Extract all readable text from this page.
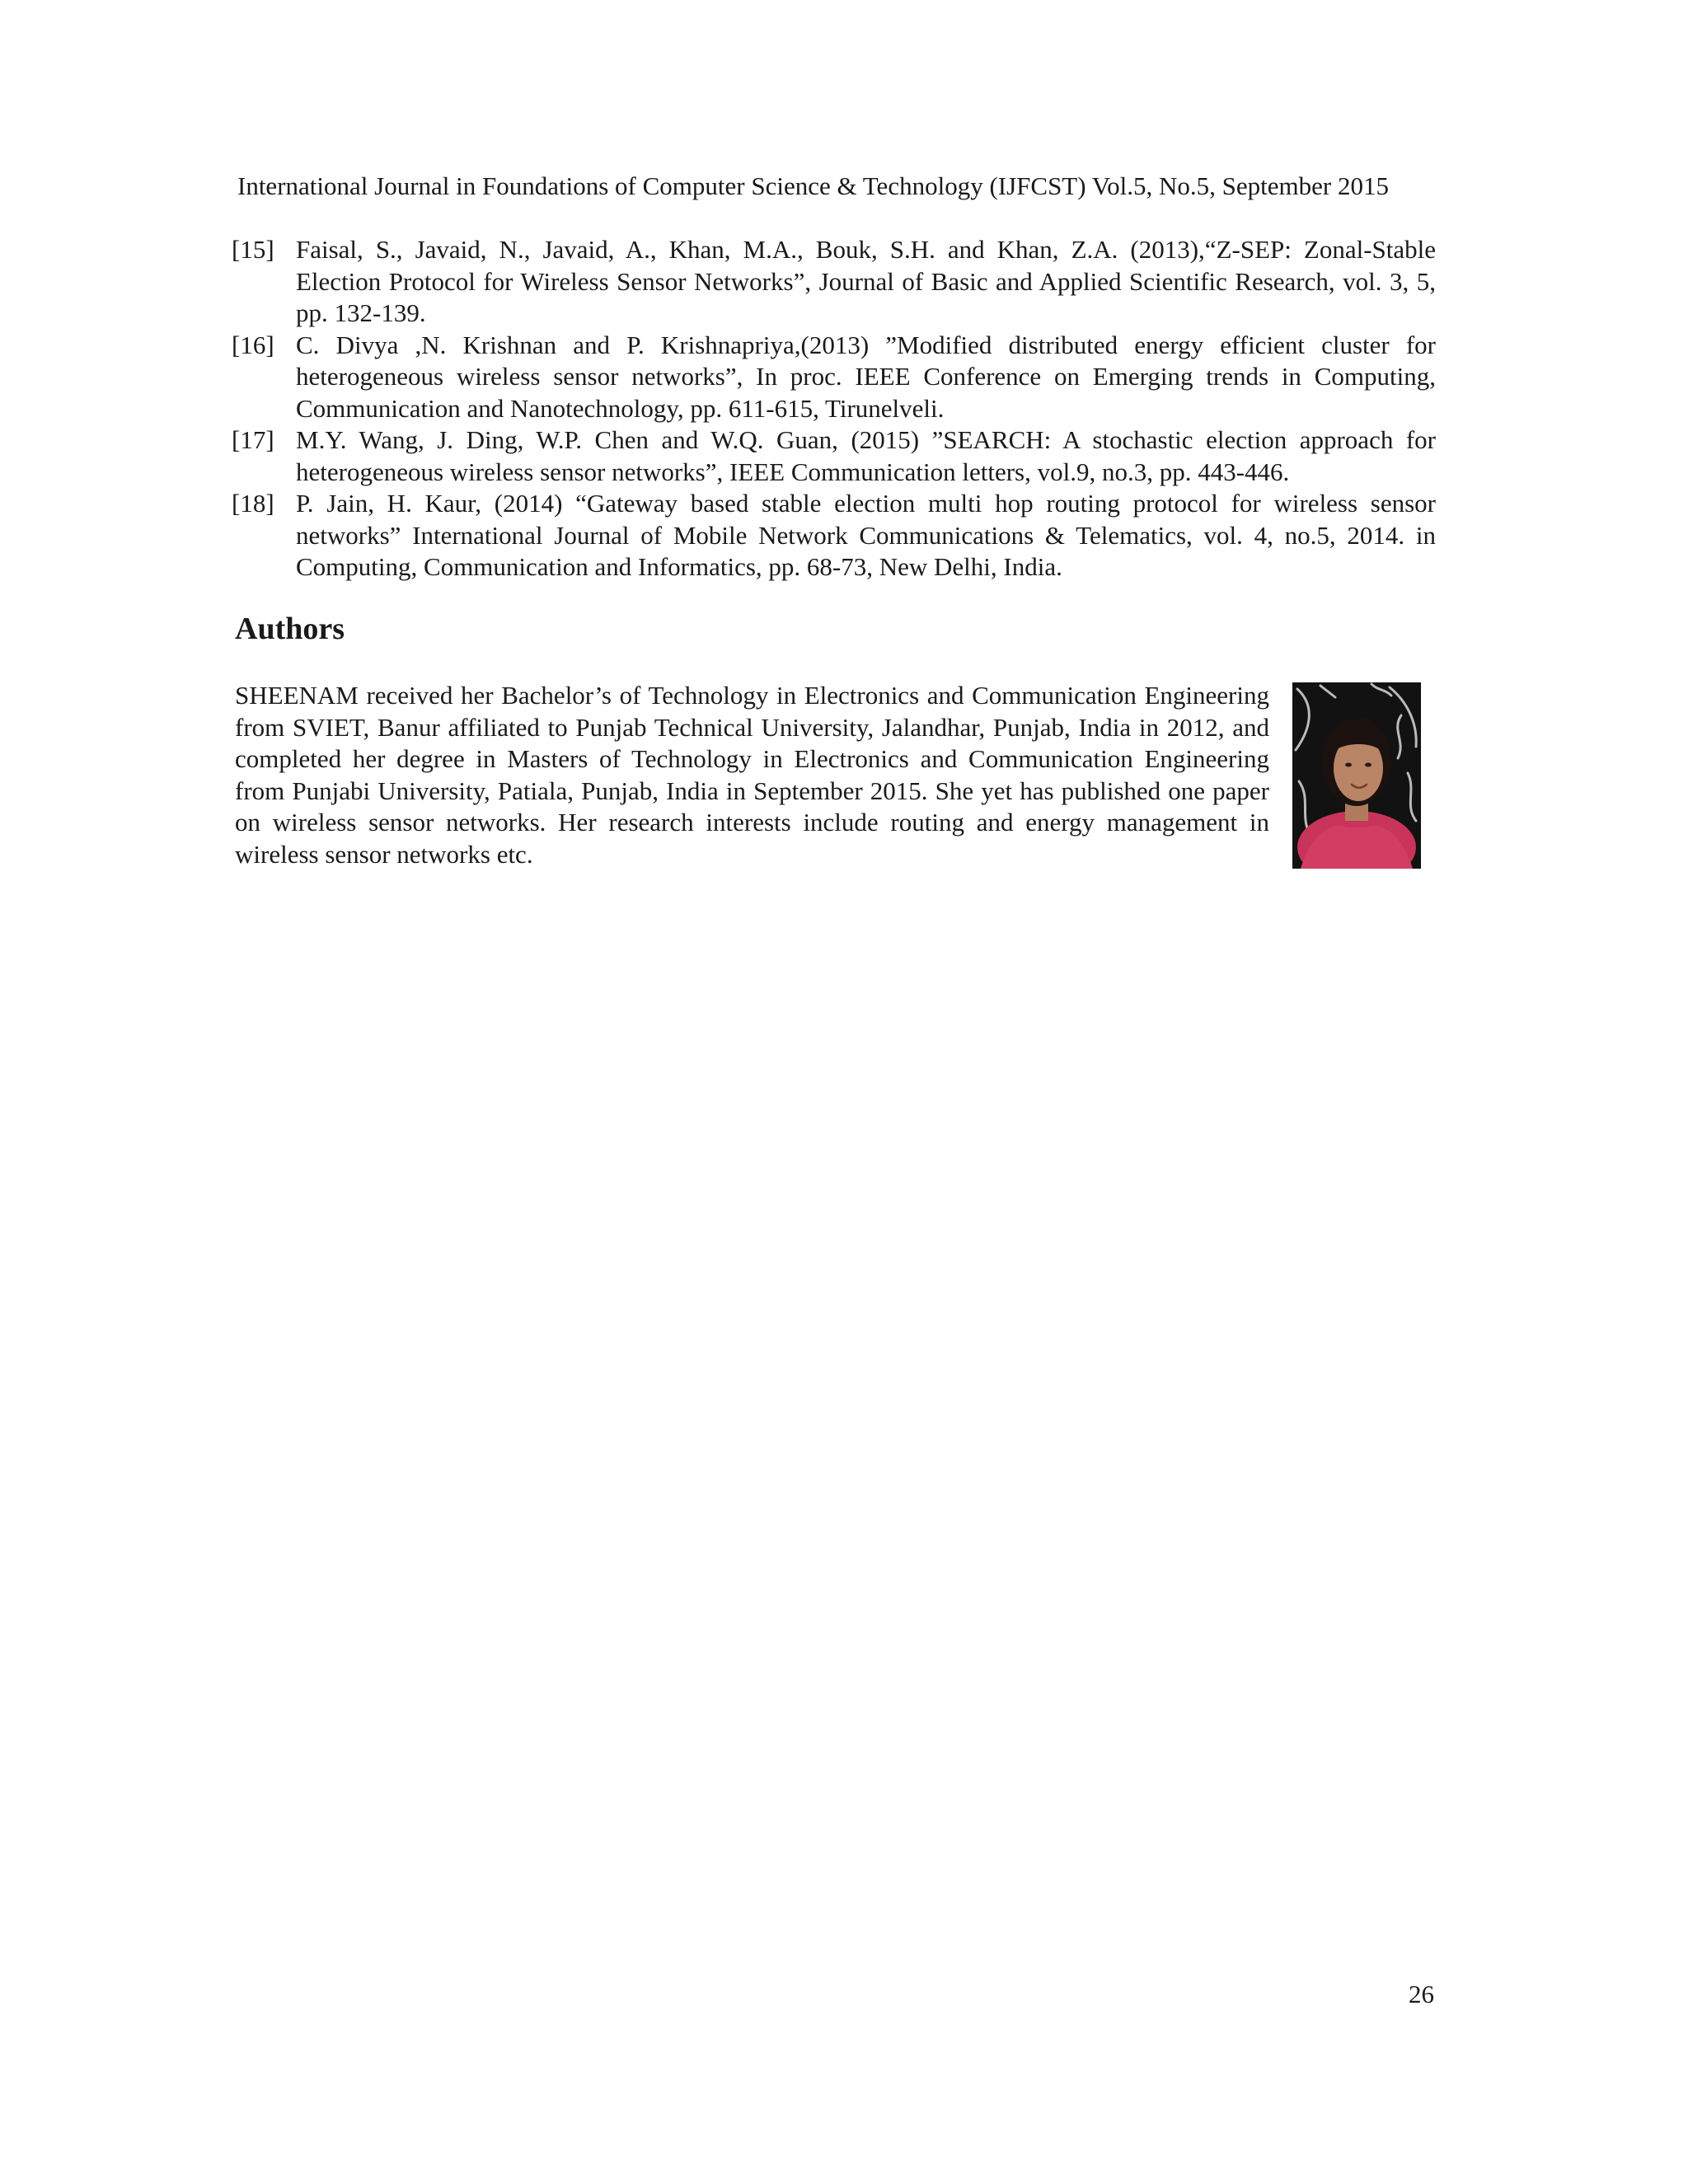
International Journal in Foundations of Computer Science & Technology (IJFCST) Vol.5, No.5, September 2015
[15] Faisal, S., Javaid, N., Javaid, A., Khan, M.A., Bouk, S.H. and Khan, Z.A. (2013),“Z-SEP: Zonal-Stable Election Protocol for Wireless Sensor Networks”, Journal of Basic and Applied Scientific Research, vol. 3, 5, pp. 132-139.
[16] C. Divya ,N. Krishnan and P. Krishnapriya,(2013) ”Modified distributed energy efficient cluster for heterogeneous wireless sensor networks”, In proc. IEEE Conference on Emerging trends in Computing, Communication and Nanotechnology, pp. 611-615, Tirunelveli.
[17] M.Y. Wang, J. Ding, W.P. Chen and W.Q. Guan, (2015) ”SEARCH: A stochastic election approach for heterogeneous wireless sensor networks”, IEEE Communication letters, vol.9, no.3, pp. 443-446.
[18] P. Jain, H. Kaur, (2014) “Gateway based stable election multi hop routing protocol for wireless sensor networks” International Journal of Mobile Network Communications & Telematics, vol. 4, no.5, 2014. in Computing, Communication and Informatics, pp. 68-73, New Delhi, India.
Authors

SHEENAM received her Bachelor’s of Technology in Electronics and Communication Engineering from SVIET, Banur affiliated to Punjab Technical University, Jalandhar, Punjab, India in 2012, and completed her degree in Masters of Technology in Electronics and Communication Engineering from Punjabi University, Patiala, Punjab, India in September 2015. She yet has published one paper on wireless sensor networks. Her research interests include routing and energy management in wireless sensor networks etc.

26
